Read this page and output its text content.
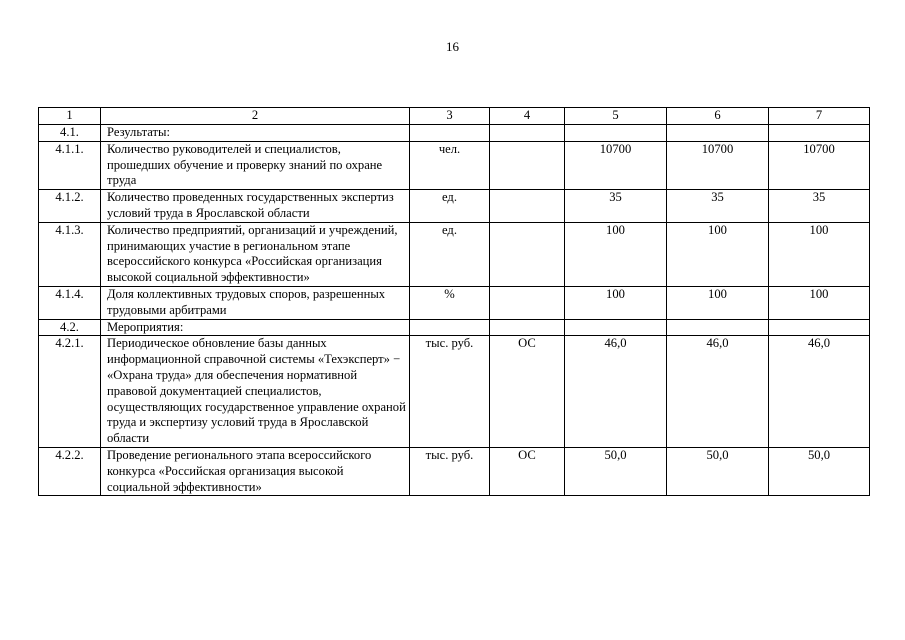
16
1	2	3	4	5	6	7
4.1.	Результаты:					
4.1.1.	Количество руководителей и специалистов, прошедших обучение и проверку знаний по охране труда	чел.		10700	10700	10700
4.1.2.	Количество проведенных государственных экспертиз условий труда в Ярославской области	ед.		35	35	35
4.1.3.	Количество предприятий, организаций и учреждений, принимающих участие в региональном этапе всероссийского конкурса «Российская организация высокой социальной эффективности»	ед.		100	100	100
4.1.4.	Доля коллективных трудовых споров, разрешенных трудовыми арбитрами	%		100	100	100
4.2.	Мероприятия:					
4.2.1.	Периодическое обновление базы данных информационной справочной системы «Техэксперт» − «Охрана труда» для обеспечения нормативной правовой документацией специалистов, осуществляющих государственное управление охраной труда и экспертизу условий труда в Ярославской области	тыс. руб.	ОС	46,0	46,0	46,0
4.2.2.	Проведение регионального этапа всероссийского конкурса «Российская организация высокой социальной эффективности»	тыс. руб.	ОС	50,0	50,0	50,0
